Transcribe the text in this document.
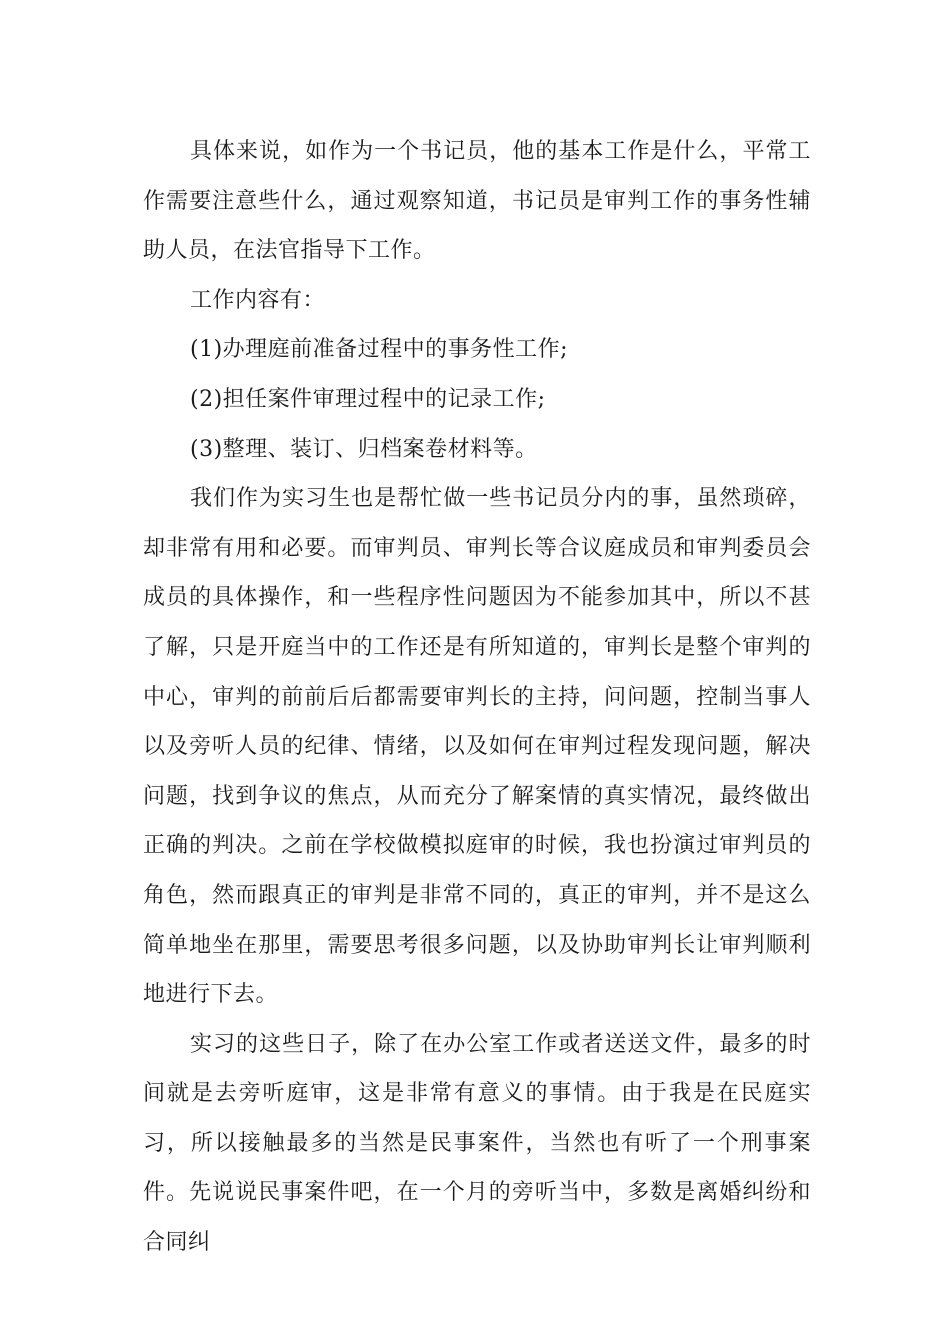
具体来说，如作为一个书记员，他的基本工作是什么，平常工作需要注意些什么，通过观察知道，书记员是审判工作的事务性辅助人员，在法官指导下工作。

工作内容有：

(1)办理庭前准备过程中的事务性工作;

(2)担任案件审理过程中的记录工作;

(3)整理、装订、归档案卷材料等。

我们作为实习生也是帮忙做一些书记员分内的事，虽然琐碎，却非常有用和必要。而审判员、审判长等合议庭成员和审判委员会成员的具体操作，和一些程序性问题因为不能参加其中，所以不甚了解，只是开庭当中的工作还是有所知道的，审判长是整个审判的中心，审判的前前后后都需要审判长的主持，问问题，控制当事人以及旁听人员的纪律、情绪，以及如何在审判过程发现问题，解决问题，找到争议的焦点，从而充分了解案情的真实情况，最终做出正确的判决。之前在学校做模拟庭审的时候，我也扮演过审判员的角色，然而跟真正的审判是非常不同的，真正的审判，并不是这么简单地坐在那里，需要思考很多问题，以及协助审判长让审判顺利地进行下去。

实习的这些日子，除了在办公室工作或者送送文件，最多的时间就是去旁听庭审，这是非常有意义的事情。由于我是在民庭实习，所以接触最多的当然是民事案件，当然也有听了一个刑事案件。先说说民事案件吧，在一个月的旁听当中，多数是离婚纠纷和合同纠
